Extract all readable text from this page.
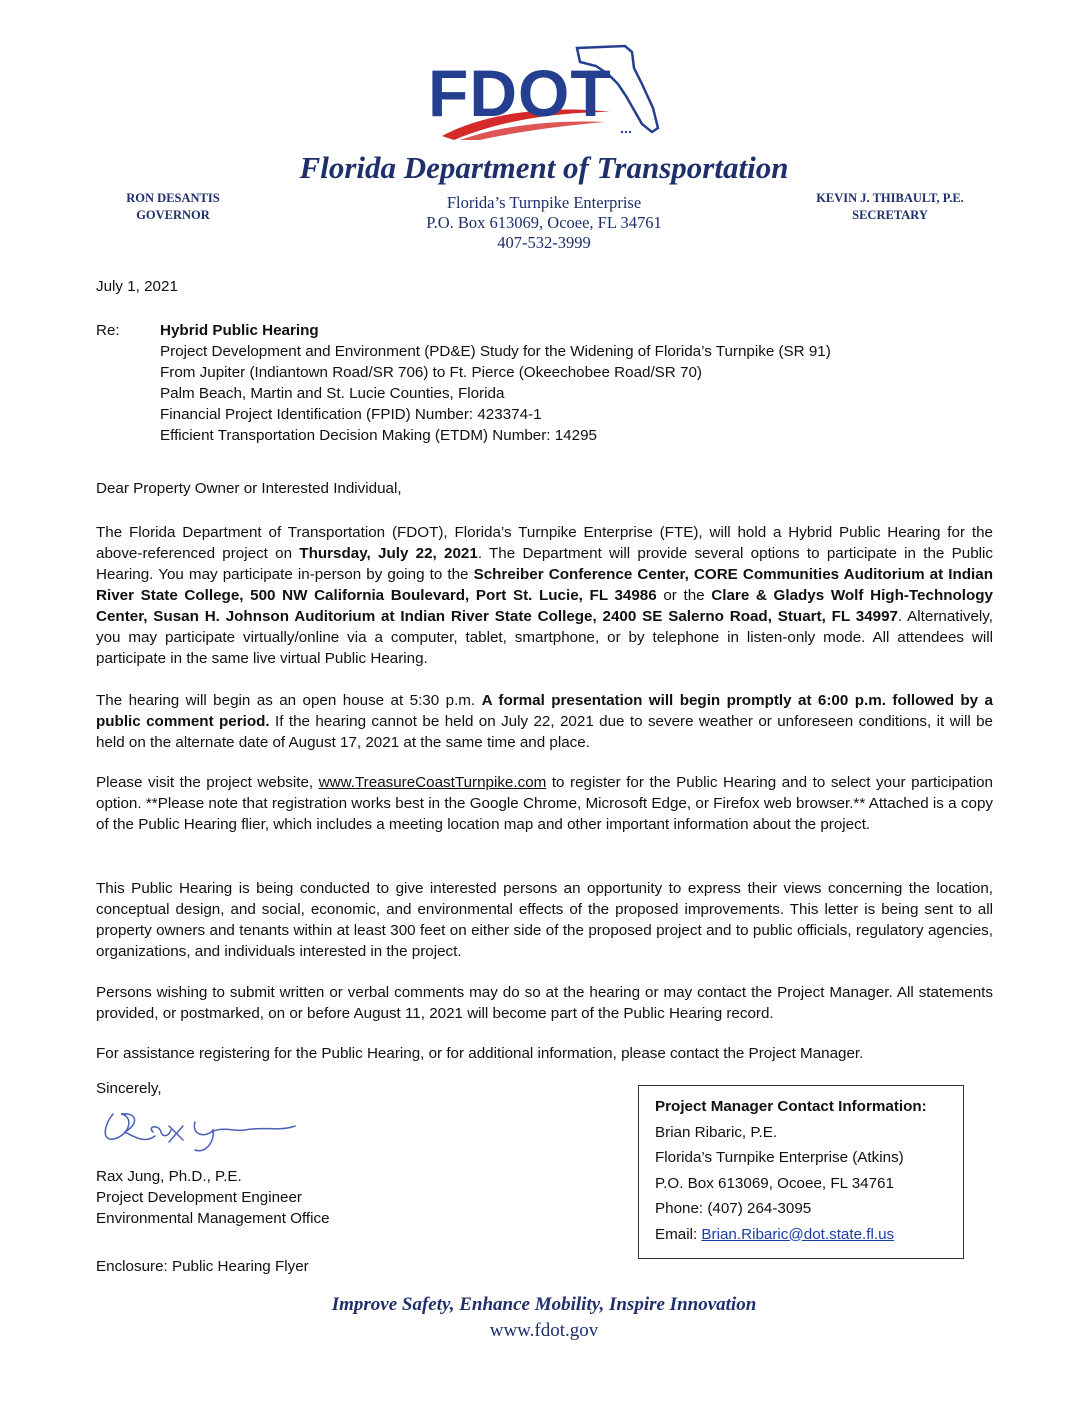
FDOT
Florida Department of Transportation
Florida’s Turnpike Enterprise
P.O. Box 613069, Ocoee, FL 34761
407-532-3999
RON DESANTIS
GOVERNOR
KEVIN J. THIBAULT, P.E.
SECRETARY
July 1, 2021
Re:	Hybrid Public Hearing
Project Development and Environment (PD&E) Study for the Widening of Florida’s Turnpike (SR 91)
From Jupiter (Indiantown Road/SR 706) to Ft. Pierce (Okeechobee Road/SR 70)
Palm Beach, Martin and St. Lucie Counties, Florida
Financial Project Identification (FPID) Number: 423374-1
Efficient Transportation Decision Making (ETDM) Number: 14295
Dear Property Owner or Interested Individual,
The Florida Department of Transportation (FDOT), Florida’s Turnpike Enterprise (FTE), will hold a Hybrid Public Hearing for the above-referenced project on Thursday, July 22, 2021. The Department will provide several options to participate in the Public Hearing. You may participate in-person by going to the Schreiber Conference Center, CORE Communities Auditorium at Indian River State College, 500 NW California Boulevard, Port St. Lucie, FL 34986 or the Clare & Gladys Wolf High-Technology Center, Susan H. Johnson Auditorium at Indian River State College, 2400 SE Salerno Road, Stuart, FL 34997. Alternatively, you may participate virtually/online via a computer, tablet, smartphone, or by telephone in listen-only mode. All attendees will participate in the same live virtual Public Hearing.
The hearing will begin as an open house at 5:30 p.m. A formal presentation will begin promptly at 6:00 p.m. followed by a public comment period. If the hearing cannot be held on July 22, 2021 due to severe weather or unforeseen conditions, it will be held on the alternate date of August 17, 2021 at the same time and place.
Please visit the project website, www.TreasureCoastTurnpike.com to register for the Public Hearing and to select your participation option. **Please note that registration works best in the Google Chrome, Microsoft Edge, or Firefox web browser.** Attached is a copy of the Public Hearing flier, which includes a meeting location map and other important information about the project.
This Public Hearing is being conducted to give interested persons an opportunity to express their views concerning the location, conceptual design, and social, economic, and environmental effects of the proposed improvements. This letter is being sent to all property owners and tenants within at least 300 feet on either side of the proposed project and to public officials, regulatory agencies, organizations, and individuals interested in the project.
Persons wishing to submit written or verbal comments may do so at the hearing or may contact the Project Manager. All statements provided, or postmarked, on or before August 11, 2021 will become part of the Public Hearing record.
For assistance registering for the Public Hearing, or for additional information, please contact the Project Manager.
Sincerely,
Rax Jung, Ph.D., P.E.
Project Development Engineer
Environmental Management Office
Enclosure: Public Hearing Flyer
Project Manager Contact Information:
Brian Ribaric, P.E.
Florida’s Turnpike Enterprise (Atkins)
P.O. Box 613069, Ocoee, FL 34761
Phone: (407) 264-3095
Email: Brian.Ribaric@dot.state.fl.us
Improve Safety, Enhance Mobility, Inspire Innovation
www.fdot.gov
